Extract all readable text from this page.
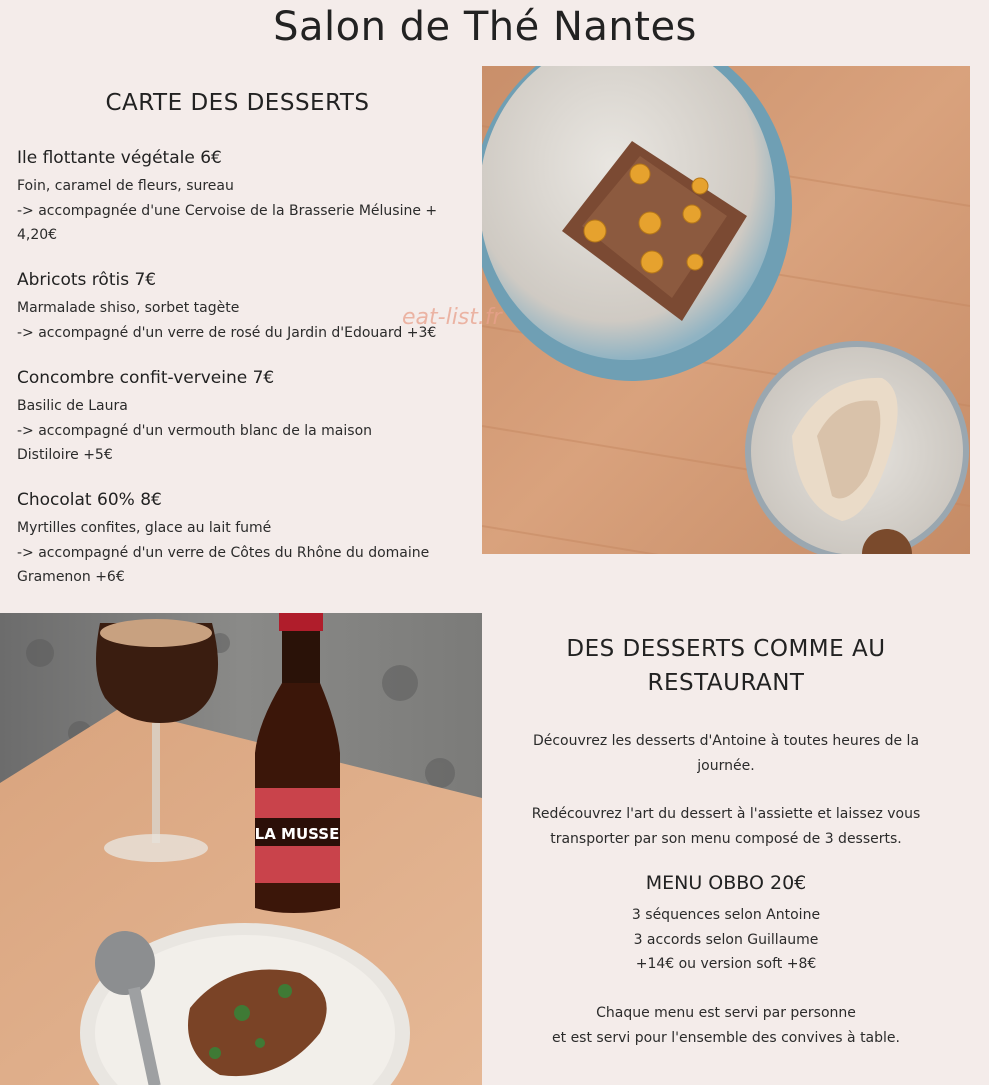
Salon de Thé Nantes
CARTE DES DESSERTS
Ile flottante végétale 6€
Foin, caramel de fleurs, sureau
-> accompagnée d'une Cervoise de la Brasserie Mélusine +
4,20€
Abricots rôtis 7€
Marmalade shiso, sorbet tagète
-> accompagné d'un verre de rosé du Jardin d'Edouard +3€
Concombre confit-verveine 7€
Basilic de Laura
-> accompagné d'un vermouth blanc de la maison
Distiloire +5€
Chocolat 60% 8€
Myrtilles confites, glace au lait fumé
-> accompagné d'un verre de Côtes du Rhône du domaine
Gramenon +6€
eat-list.fr
LA MUSSE
DES DESSERTS COMME AU
RESTAURANT
Découvrez les desserts d'Antoine à toutes heures de la
journée.
Redécouvrez l'art du dessert à l'assiette et laissez vous
transporter par son menu composé de 3 desserts.
MENU OBBO 20€
3 séquences selon Antoine
3 accords selon Guillaume
+14€ ou version soft +8€
Chaque menu est servi par personne
et est servi pour l'ensemble des convives à table.
